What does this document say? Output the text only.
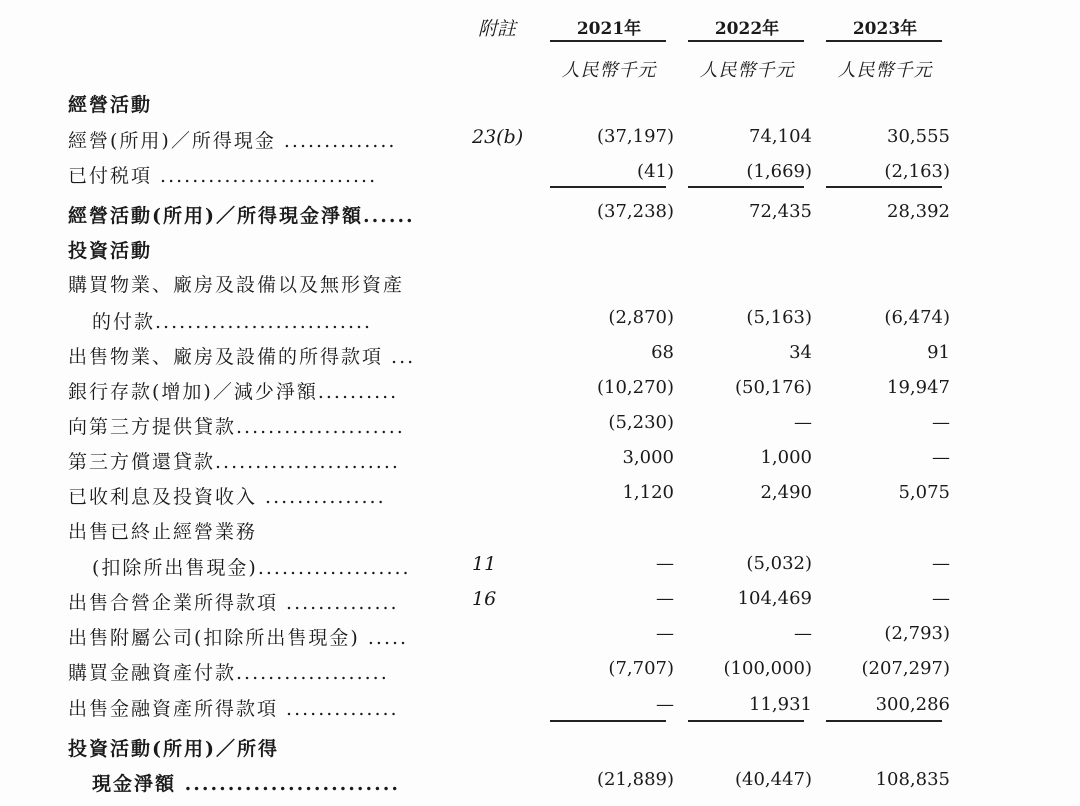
附註	2021年	2022年	2023年
人民幣千元	人民幣千元	人民幣千元
經營活動
經營(所用)／所得現金 ..............	23(b)	(37,197)	74,104	30,555
已付税項 ...........................	(41)	(1,669)	(2,163)
經營活動(所用)／所得現金淨額......	(37,238)	72,435	28,392
投資活動
購買物業、廠房及設備以及無形資產
的付款...........................	(2,870)	(5,163)	(6,474)
出售物業、廠房及設備的所得款項 ...	68	34	91
銀行存款(增加)／減少淨額..........	(10,270)	(50,176)	19,947
向第三方提供貸款.....................	(5,230)	—	—
第三方償還貸款.......................	3,000	1,000	—
已收利息及投資收入 ...............	1,120	2,490	5,075
出售已終止經營業務
(扣除所出售現金)...................	11	—	(5,032)	—
出售合營企業所得款項 ..............	16	—	104,469	—
出售附屬公司(扣除所出售現金) .....	—	—	(2,793)
購買金融資產付款...................	(7,707)	(100,000)	(207,297)
出售金融資產所得款項 ..............	—	11,931	300,286
投資活動(所用)／所得
現金淨額 .........................	(21,889)	(40,447)	108,835
